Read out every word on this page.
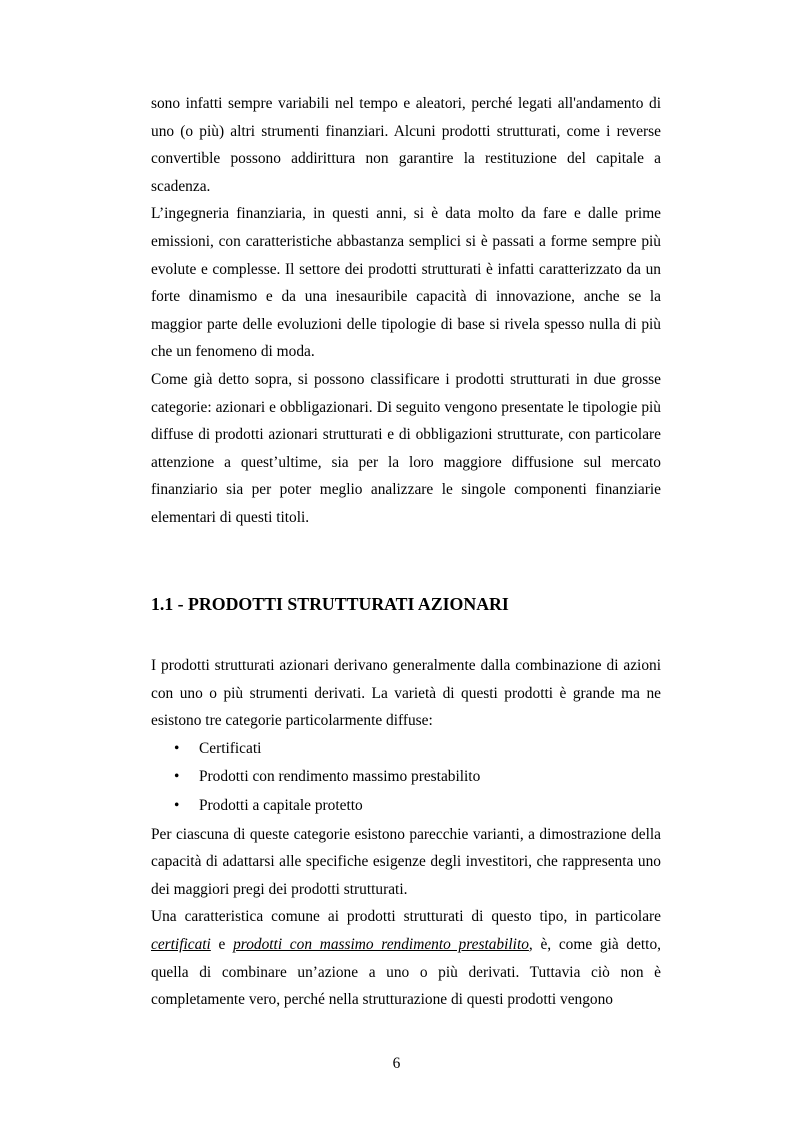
sono infatti sempre variabili nel tempo e aleatori, perché legati all'andamento di uno (o più) altri strumenti finanziari. Alcuni prodotti strutturati, come i reverse convertible possono addirittura non garantire la restituzione del capitale a scadenza.

L’ingegneria finanziaria, in questi anni, si è data molto da fare e dalle prime emissioni, con caratteristiche abbastanza semplici si è passati a forme sempre più evolute e complesse. Il settore dei prodotti strutturati è infatti caratterizzato da un forte dinamismo e da una inesauribile capacità di innovazione, anche se la maggior parte delle evoluzioni delle tipologie di base si rivela spesso nulla di più che un fenomeno di moda.

Come già detto sopra, si possono classificare i prodotti strutturati in due grosse categorie: azionari e obbligazionari. Di seguito vengono presentate le tipologie più diffuse di prodotti azionari strutturati e di obbligazioni strutturate, con particolare attenzione a quest’ultime, sia per la loro maggiore diffusione sul mercato finanziario sia per poter meglio analizzare le singole componenti finanziarie elementari di questi titoli.

1.1 - PRODOTTI STRUTTURATI AZIONARI

I prodotti strutturati azionari derivano generalmente dalla combinazione di azioni con uno o più strumenti derivati. La varietà di questi prodotti è grande ma ne esistono tre categorie particolarmente diffuse:

• Certificati
• Prodotti con rendimento massimo prestabilito
• Prodotti a capitale protetto

Per ciascuna di queste categorie esistono parecchie varianti, a dimostrazione della capacità di adattarsi alle specifiche esigenze degli investitori, che rappresenta uno dei maggiori pregi dei prodotti strutturati.

Una caratteristica comune ai prodotti strutturati di questo tipo, in particolare certificati e prodotti con massimo rendimento prestabilito, è, come già detto, quella di combinare un’azione a uno o più derivati. Tuttavia ciò non è completamente vero, perché nella strutturazione di questi prodotti vengono

6
